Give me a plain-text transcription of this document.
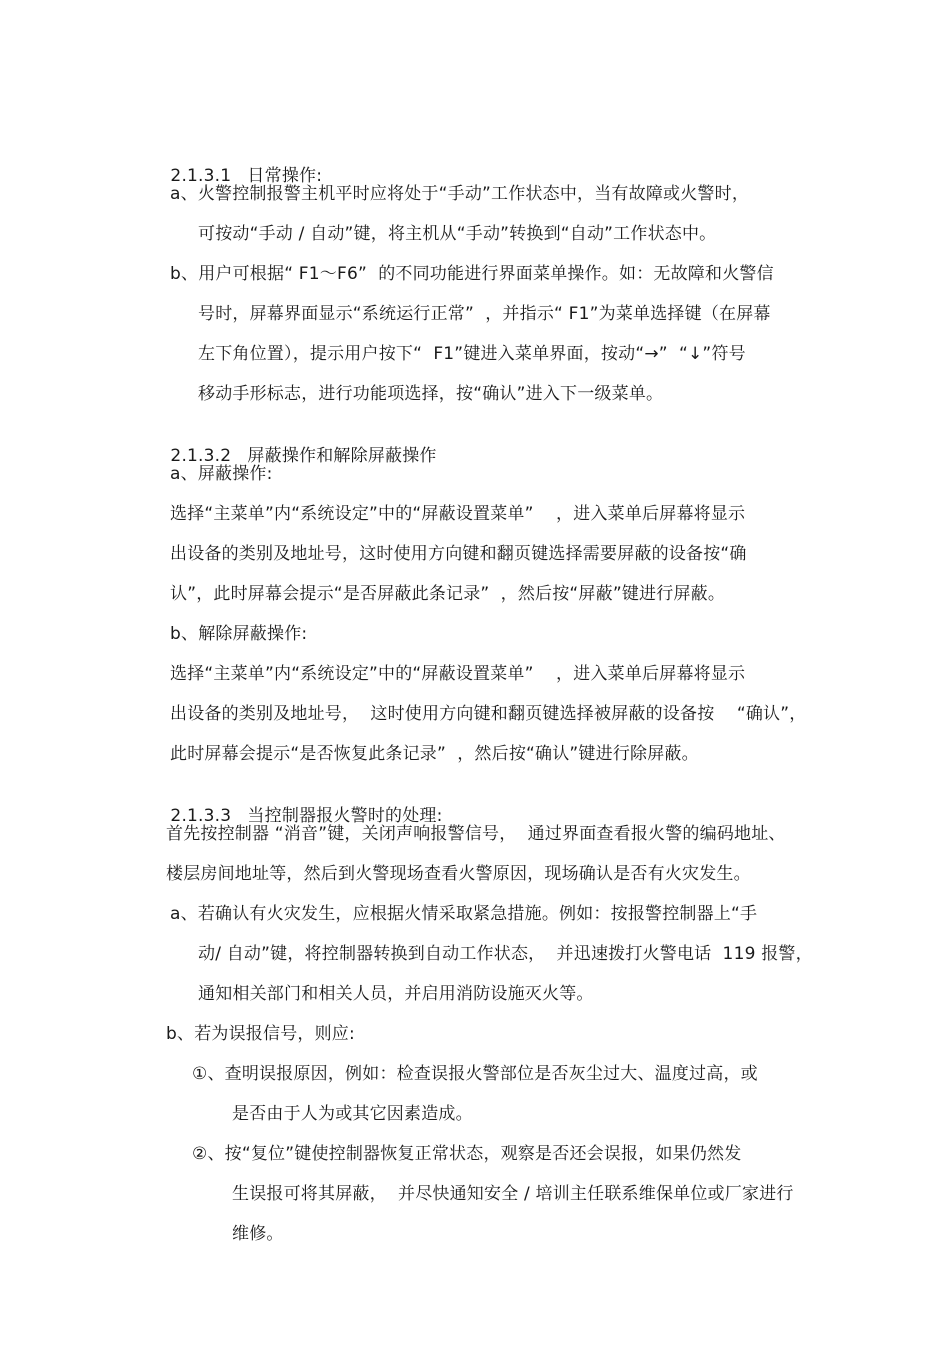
2.1.3.1 日常操作:

a、火警控制报警主机平时应将处于“手动”工作状态中，当有故障或火警时，
可按动“手动 / 自动”键，将主机从“手动”转换到“自动”工作状态中。
b、用户可根据“ F1～F6”  的不同功能进行界面菜单操作。如：无故障和火警信
号时，屏幕界面显示“系统运行正常”  ，并指示“ F1”为菜单选择键（在屏幕
左下角位置），提示用户按下“  F1”键进入菜单界面，按动“→”  “↓”符号
移动手形标志，进行功能项选择，按“确认”进入下一级菜单。

2.1.3.2 屏蔽操作和解除屏蔽操作

a、屏蔽操作:
选择“主菜单”内“系统设定”中的“屏蔽设置菜单”    ，进入菜单后屏幕将显示
出设备的类别及地址号，这时使用方向键和翻页键选择需要屏蔽的设备按“确
认”，此时屏幕会提示“是否屏蔽此条记录”  ，然后按“屏蔽”键进行屏蔽。
b、解除屏蔽操作:
选择“主菜单”内“系统设定”中的“屏蔽设置菜单”    ，进入菜单后屏幕将显示
出设备的类别及地址号，  这时使用方向键和翻页键选择被屏蔽的设备按    “确认”，
此时屏幕会提示“是否恢复此条记录”  ，然后按“确认”键进行除屏蔽。

2.1.3.3 当控制器报火警时的处理:

首先按控制器 “消音”键，关闭声响报警信号，  通过界面查看报火警的编码地址、
楼层房间地址等，然后到火警现场查看火警原因，现场确认是否有火灾发生。
a、若确认有火灾发生，应根据火情采取紧急措施。例如：按报警控制器上“手
动/ 自动”键，将控制器转换到自动工作状态，  并迅速拨打火警电话  119 报警，
通知相关部门和相关人员，并启用消防设施灭火等。
b、若为误报信号，则应:
①、查明误报原因，例如：检查误报火警部位是否灰尘过大、温度过高，或
是否由于人为或其它因素造成。
②、按“复位”键使控制器恢复正常状态，观察是否还会误报，如果仍然发
生误报可将其屏蔽，  并尽快通知安全 / 培训主任联系维保单位或厂家进行
维修。
